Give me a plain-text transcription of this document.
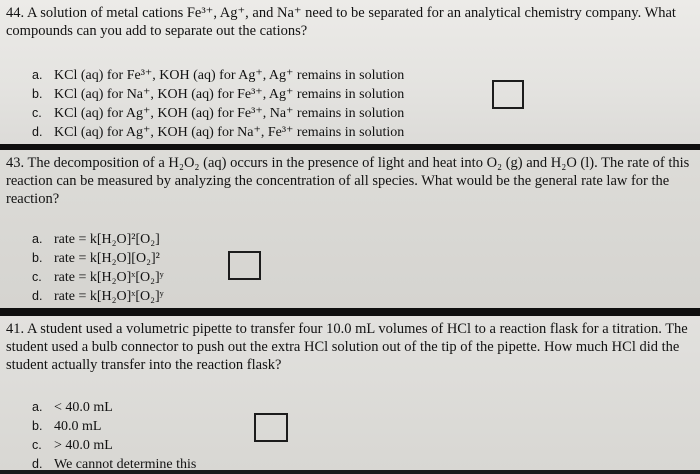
44. A solution of metal cations Fe³⁺, Ag⁺, and Na⁺ need to be separated for an analytical chemistry company. What compounds can you add to separate out the cations?

a. KCl (aq) for Fe³⁺, KOH (aq) for Ag⁺, Ag⁺ remains in solution
b. KCl (aq) for Na⁺, KOH (aq) for Fe³⁺, Ag⁺ remains in solution
c. KCl (aq) for Ag⁺, KOH (aq) for Fe³⁺, Na⁺ remains in solution
d. KCl (aq) for Ag⁺, KOH (aq) for Na⁺, Fe³⁺ remains in solution

43. The decomposition of a H₂O₂ (aq) occurs in the presence of light and heat into O₂ (g) and H₂O (l). The rate of this reaction can be measured by analyzing the concentration of all species. What would be the general rate law for the reaction?

a. rate = k[H₂O]²[O₂]
b. rate = k[H₂O][O₂]²
c. rate = k[H₂O]ˣ[O₂]ʸ
d. rate = k[H₂O]ˣ[O₂]ʸ

41. A student used a volumetric pipette to transfer four 10.0 mL volumes of HCl to a reaction flask for a titration. The student used a bulb connector to push out the extra HCl solution out of the tip of the pipette. How much HCl did the student actually transfer into the reaction flask?

a. < 40.0 mL
b. 40.0 mL
c. > 40.0 mL
d. We cannot determine this
